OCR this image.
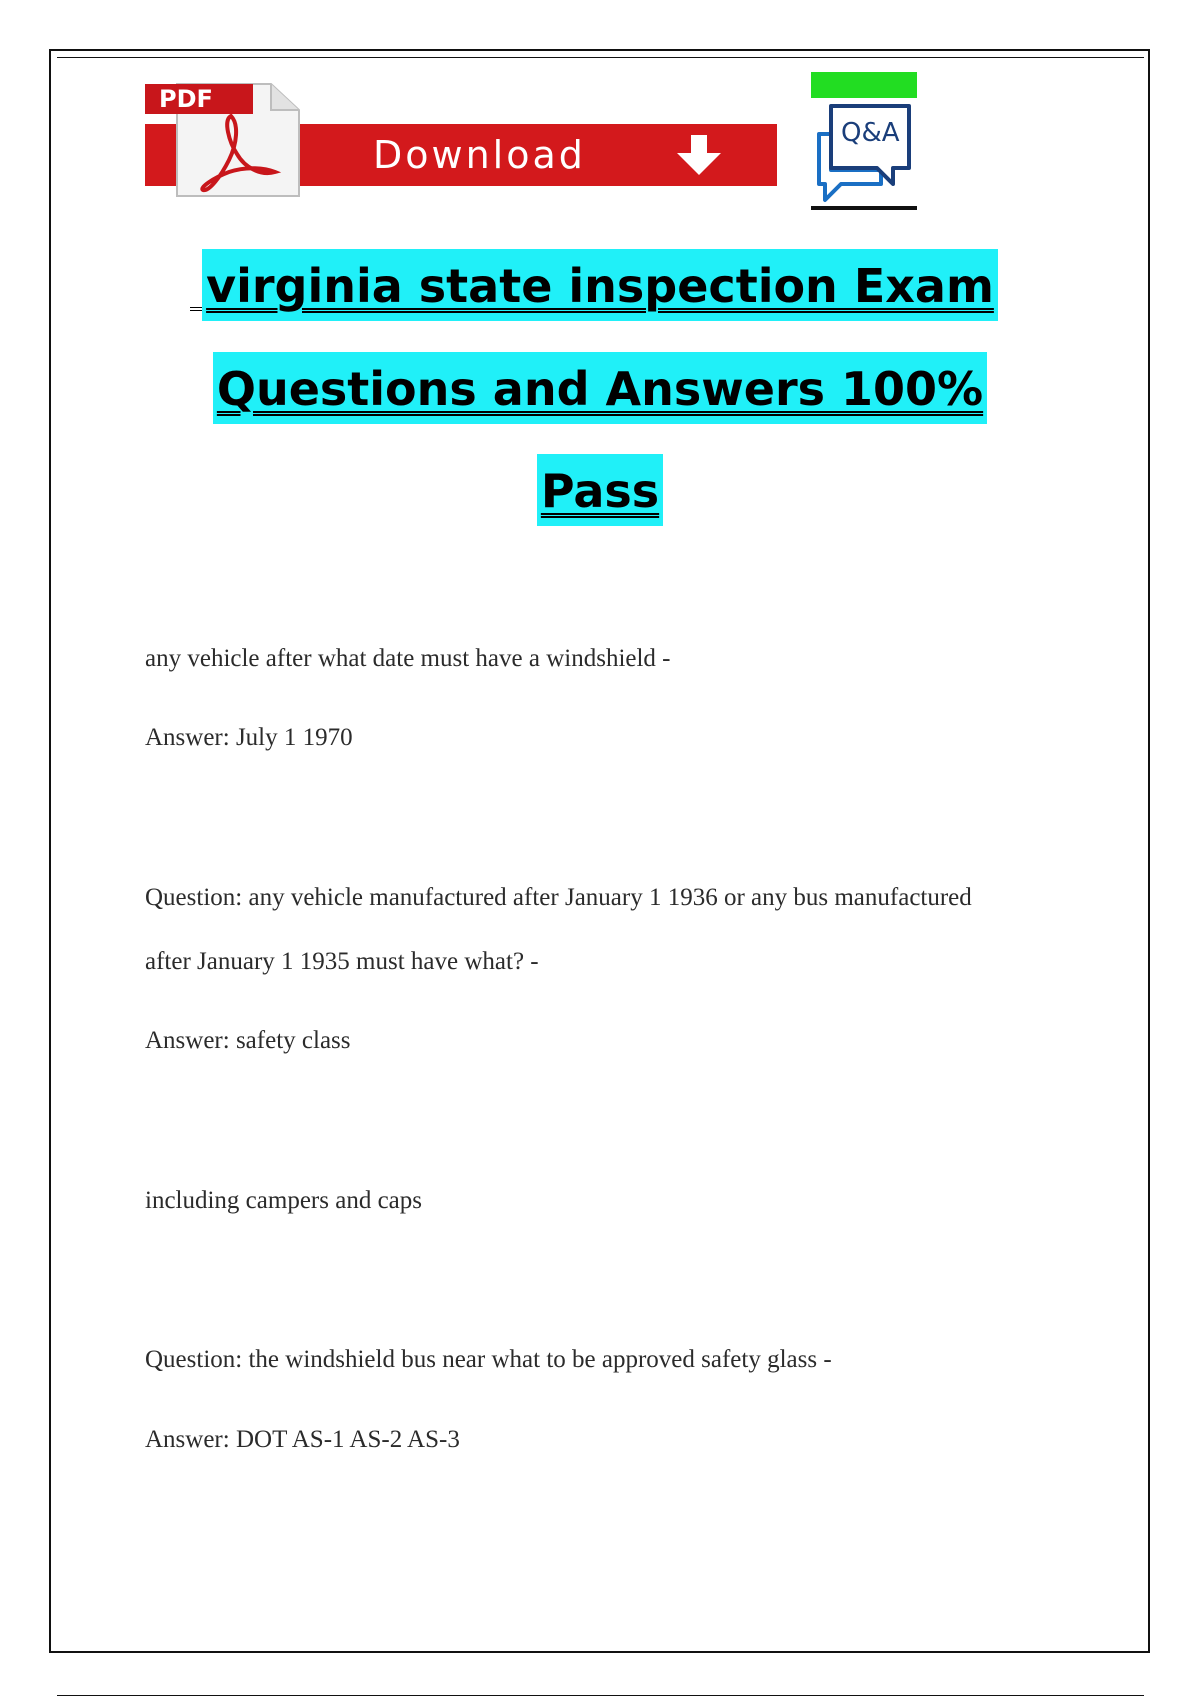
PDF
Download	Q&A
virginia state inspection Exam
Questions and Answers 100%
Pass
any vehicle after what date must have a windshield -
Answer: July 1 1970
Question: any vehicle manufactured after January 1 1936 or any bus manufactured
after January 1 1935 must have what? -
Answer: safety class
including campers and caps
Question: the windshield bus near what to be approved safety glass -
Answer: DOT AS-1 AS-2 AS-3
